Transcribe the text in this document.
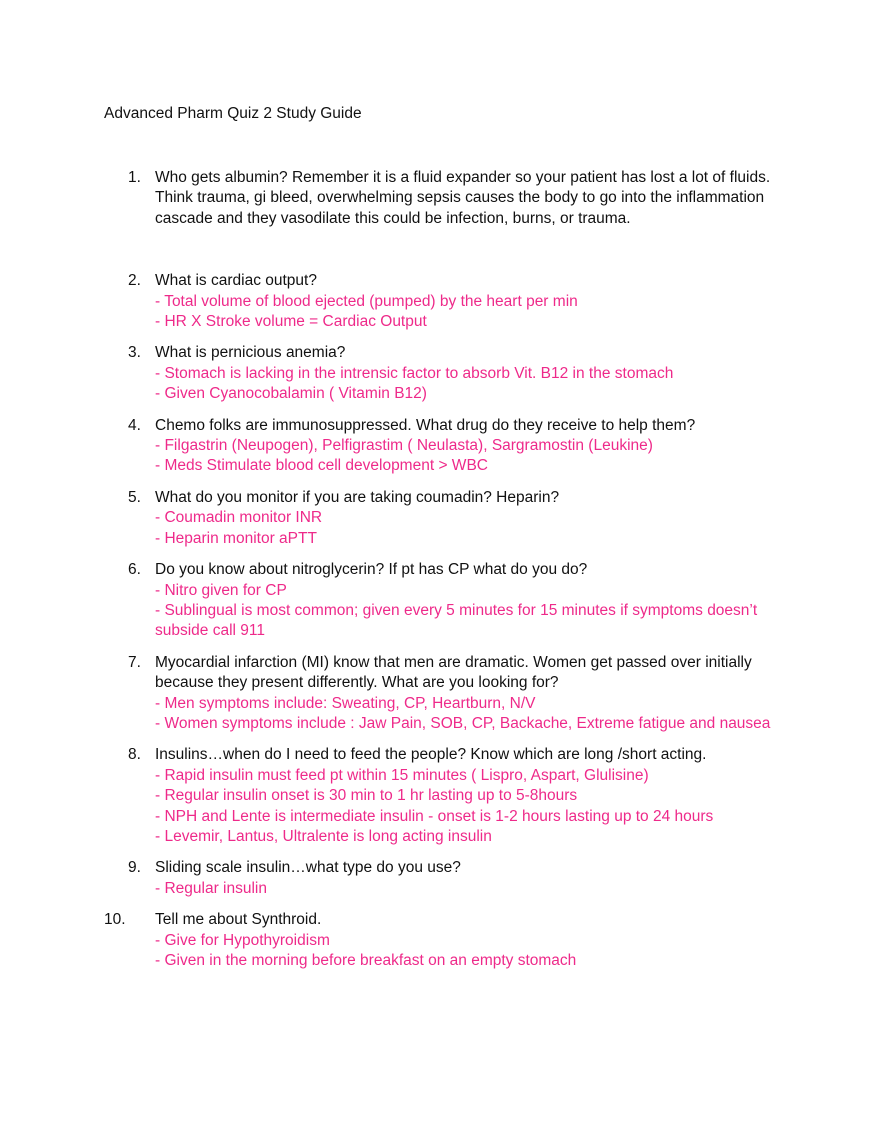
Advanced Pharm Quiz 2 Study Guide
1. Who gets albumin? Remember it is a fluid expander so your patient has lost a lot of fluids. Think trauma, gi bleed, overwhelming sepsis causes the body to go into the inflammation cascade and they vasodilate this could be infection, burns, or trauma.
2. What is cardiac output?
- Total volume of blood ejected (pumped) by the heart per min
- HR X Stroke volume = Cardiac Output
3. What is pernicious anemia?
- Stomach is lacking in the intrensic factor to absorb Vit. B12 in the stomach
- Given Cyanocobalamin ( Vitamin B12)
4. Chemo folks are immunosuppressed. What drug do they receive to help them?
- Filgastrin (Neupogen), Pelfigrastim ( Neulasta), Sargramostin (Leukine)
- Meds Stimulate blood cell development > WBC
5. What do you monitor if you are taking coumadin? Heparin?
- Coumadin monitor INR
- Heparin monitor aPTT
6. Do you know about nitroglycerin? If pt has CP what do you do?
- Nitro given for CP
- Sublingual is most common; given every 5 minutes for 15 minutes if symptoms doesn’t subside call 911
7. Myocardial infarction (MI) know that men are dramatic. Women get passed over initially because they present differently. What are you looking for?
- Men symptoms include: Sweating, CP, Heartburn, N/V
- Women symptoms include : Jaw Pain, SOB, CP, Backache, Extreme fatigue and nausea
8. Insulins…when do I need to feed the people? Know which are long /short acting.
- Rapid insulin must feed pt within 15 minutes ( Lispro, Aspart, Glulisine)
- Regular insulin onset is 30 min to 1 hr lasting up to 5-8hours
- NPH and Lente is intermediate insulin - onset is 1-2 hours lasting up to 24 hours
- Levemir, Lantus, Ultralente is long acting insulin
9. Sliding scale insulin…what type do you use?
- Regular insulin
10.	Tell me about Synthroid.
- Give for Hypothyroidism
- Given in the morning before breakfast on an empty stomach
